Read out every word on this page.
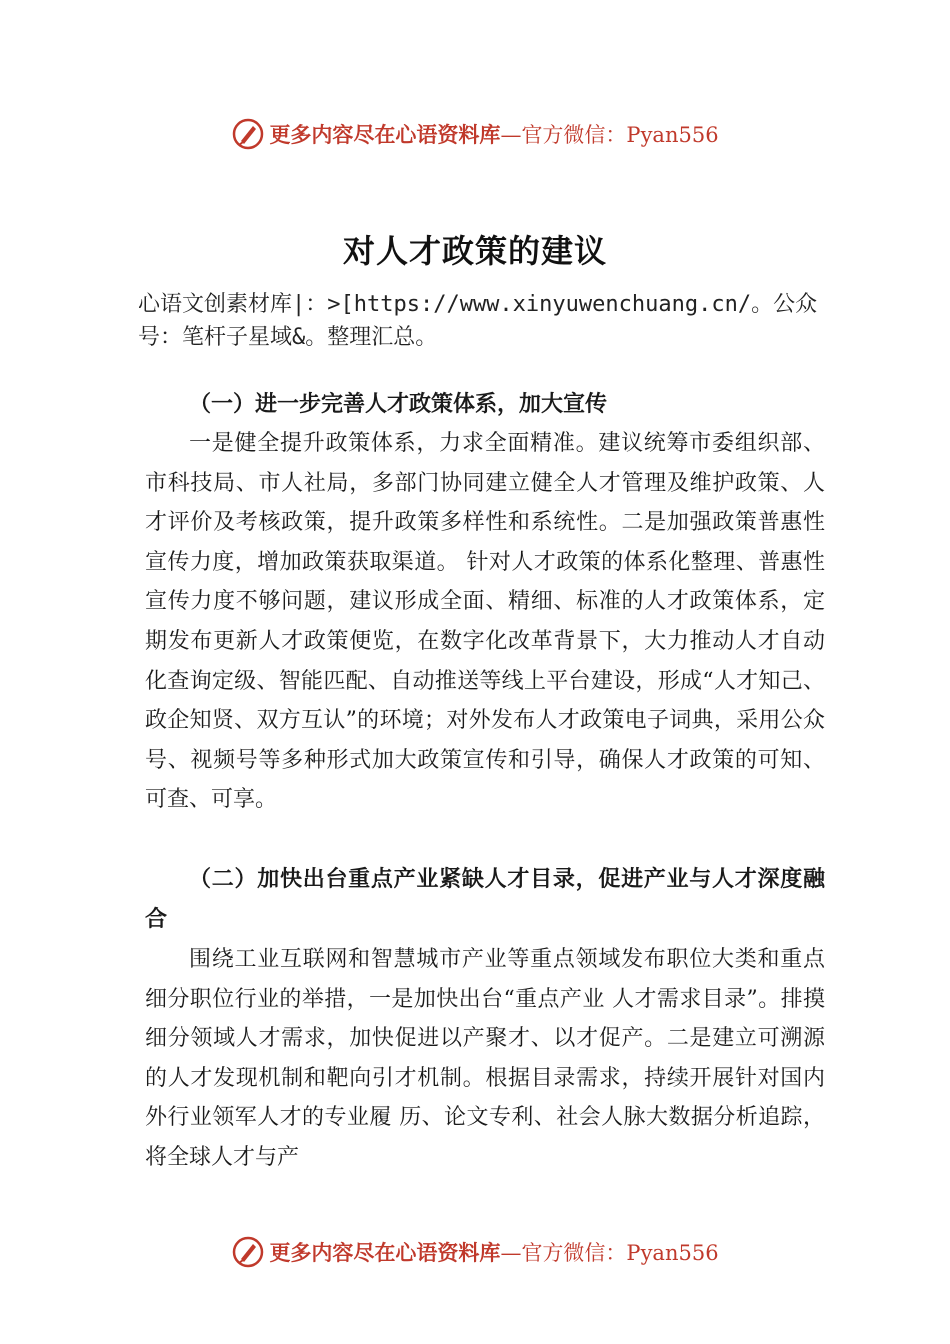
更多内容尽在心语资料库—官方微信：Pyan556
对人才政策的建议
心语文创素材库|：>[https://www.xinyuwenchuang.cn/。公众号：笔杆子星域&。整理汇总。
（一）进一步完善人才政策体系，加大宣传

一是健全提升政策体系，力求全面精准。建议统筹市委组织部、市科技局、市人社局，多部门协同建立健全人才管理及维护政策、人才评价及考核政策，提升政策多样性和系统性。二是加强政策普惠性宣传力度，增加政策获取渠道。 针对人才政策的体系化整理、普惠性宣传力度不够问题，建议形成全面、精细、标准的人才政策体系，定期发布更新人才政策便览，在数字化改革背景下，大力推动人才自动化查询定级、智能匹配、自动推送等线上平台建设，形成“人才知己、政企知贤、双方互认”的环境；对外发布人才政策电子词典，采用公众号、视频号等多种形式加大政策宣传和引导，确保人才政策的可知、可查、可享。

（二）加快出台重点产业紧缺人才目录，促进产业与人才深度融合

围绕工业互联网和智慧城市产业等重点领域发布职位大类和重点细分职位行业的举措，一是加快出台“重点产业 人才需求目录”。排摸细分领域人才需求，加快促进以产聚才、以才促产。二是建立可溯源的人才发现机制和靶向引才机制。根据目录需求，持续开展针对国内外行业领军人才的专业履 历、论文专利、社会人脉大数据分析追踪，将全球人才与产

更多内容尽在心语资料库—官方微信：Pyan556
